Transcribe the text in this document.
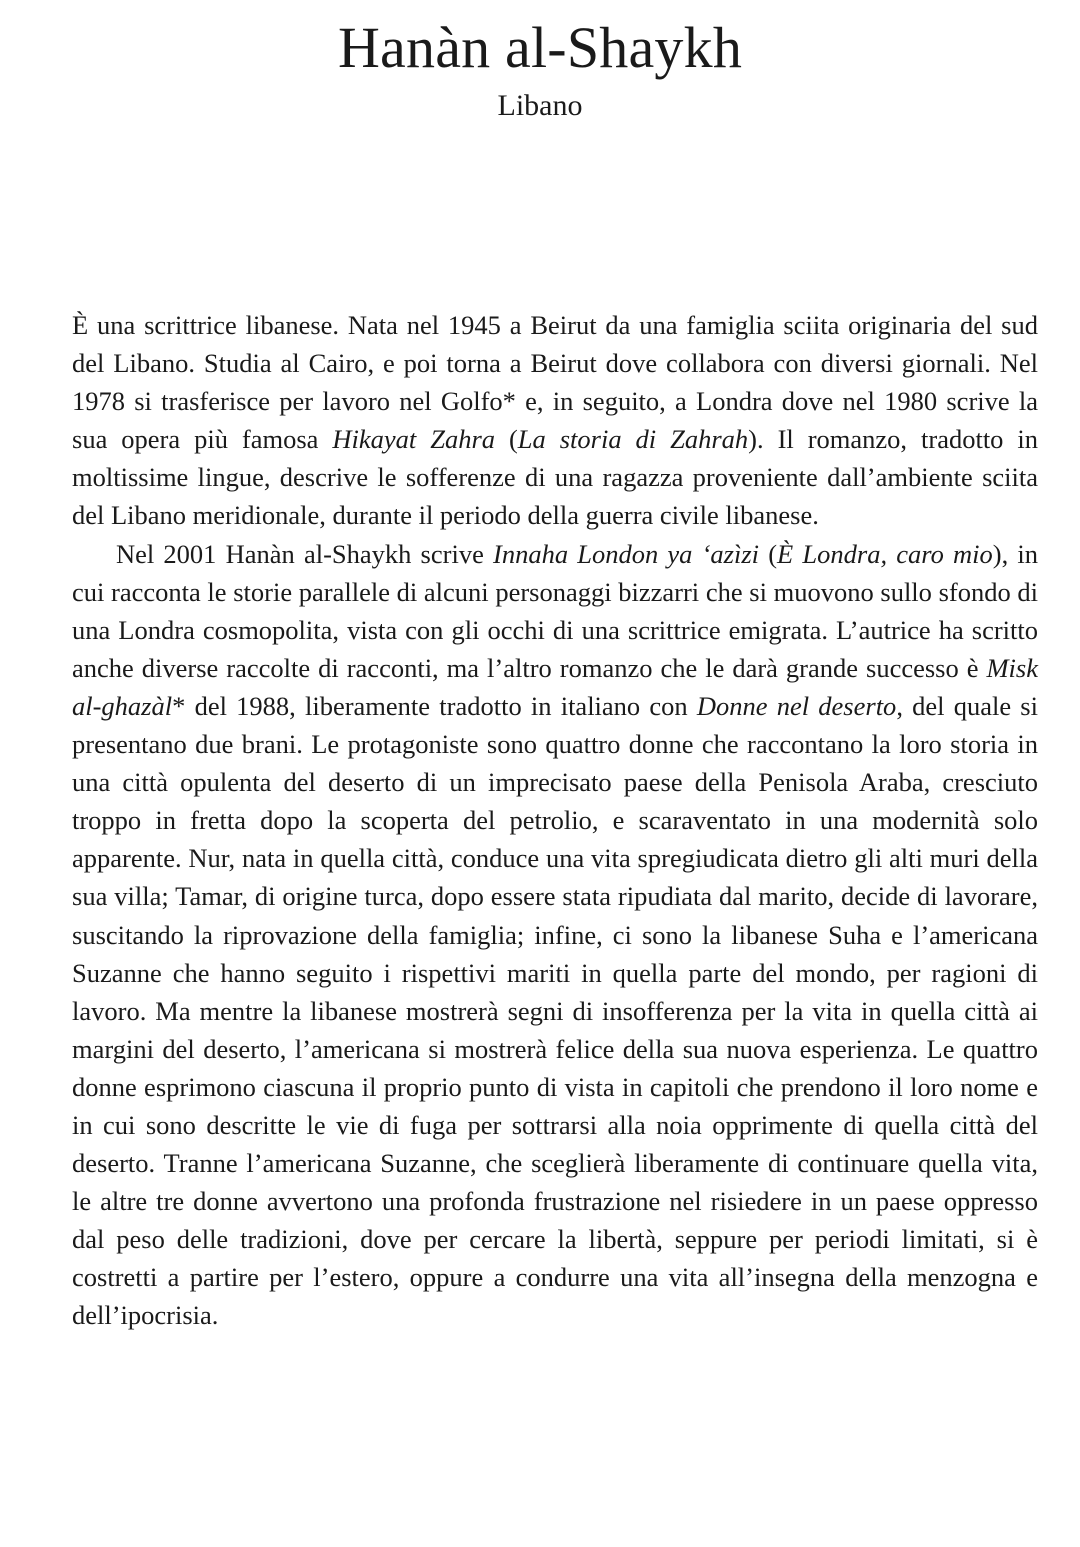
Hanàn al-Shaykh
Libano

È una scrittrice libanese. Nata nel 1945 a Beirut da una famiglia sciita originaria del sud del Libano. Studia al Cairo, e poi torna a Beirut dove collabora con diversi giornali. Nel 1978 si trasferisce per lavoro nel Golfo* e, in seguito, a Londra dove nel 1980 scrive la sua opera più famosa Hikayat Zahra (La storia di Zahrah). Il romanzo, tradotto in moltissime lingue, descrive le sofferenze di una ragazza proveniente dall’ambiente sciita del Libano meridionale, durante il periodo della guerra civile libanese.

Nel 2001 Hanàn al-Shaykh scrive Innaha London ya ‘azìzi (È Londra, caro mio), in cui racconta le storie parallele di alcuni personaggi bizzarri che si muovono sullo sfondo di una Londra cosmopolita, vista con gli occhi di una scrittrice emigrata. L’autrice ha scritto anche diverse raccolte di racconti, ma l’altro romanzo che le darà grande successo è Misk al-ghazàl* del 1988, liberamente tradotto in italiano con Donne nel deserto, del quale si presentano due brani. Le protagoniste sono quattro donne che raccontano la loro storia in una città opulenta del deserto di un imprecisato paese della Penisola Araba, cresciuto troppo in fretta dopo la scoperta del petrolio, e scaraventato in una modernità solo apparente. Nur, nata in quella città, conduce una vita spregiudicata dietro gli alti muri della sua villa; Tamar, di origine turca, dopo essere stata ripudiata dal marito, decide di lavorare, suscitando la riprovazione della famiglia; infine, ci sono la libanese Suha e l’americana Suzanne che hanno seguito i rispettivi mariti in quella parte del mondo, per ragioni di lavoro. Ma mentre la libanese mostrerà segni di insofferenza per la vita in quella città ai margini del deserto, l’americana si mostrerà felice della sua nuova esperienza. Le quattro donne esprimono ciascuna il proprio punto di vista in capitoli che prendono il loro nome e in cui sono descritte le vie di fuga per sottrarsi alla noia opprimente di quella città del deserto. Tranne l’americana Suzanne, che sceglierà liberamente di continuare quella vita, le altre tre donne avvertono una profonda frustrazione nel risiedere in un paese oppresso dal peso delle tradizioni, dove per cercare la libertà, seppure per periodi limitati, si è costretti a partire per l’estero, oppure a condurre una vita all’insegna della menzogna e dell’ipocrisia.
